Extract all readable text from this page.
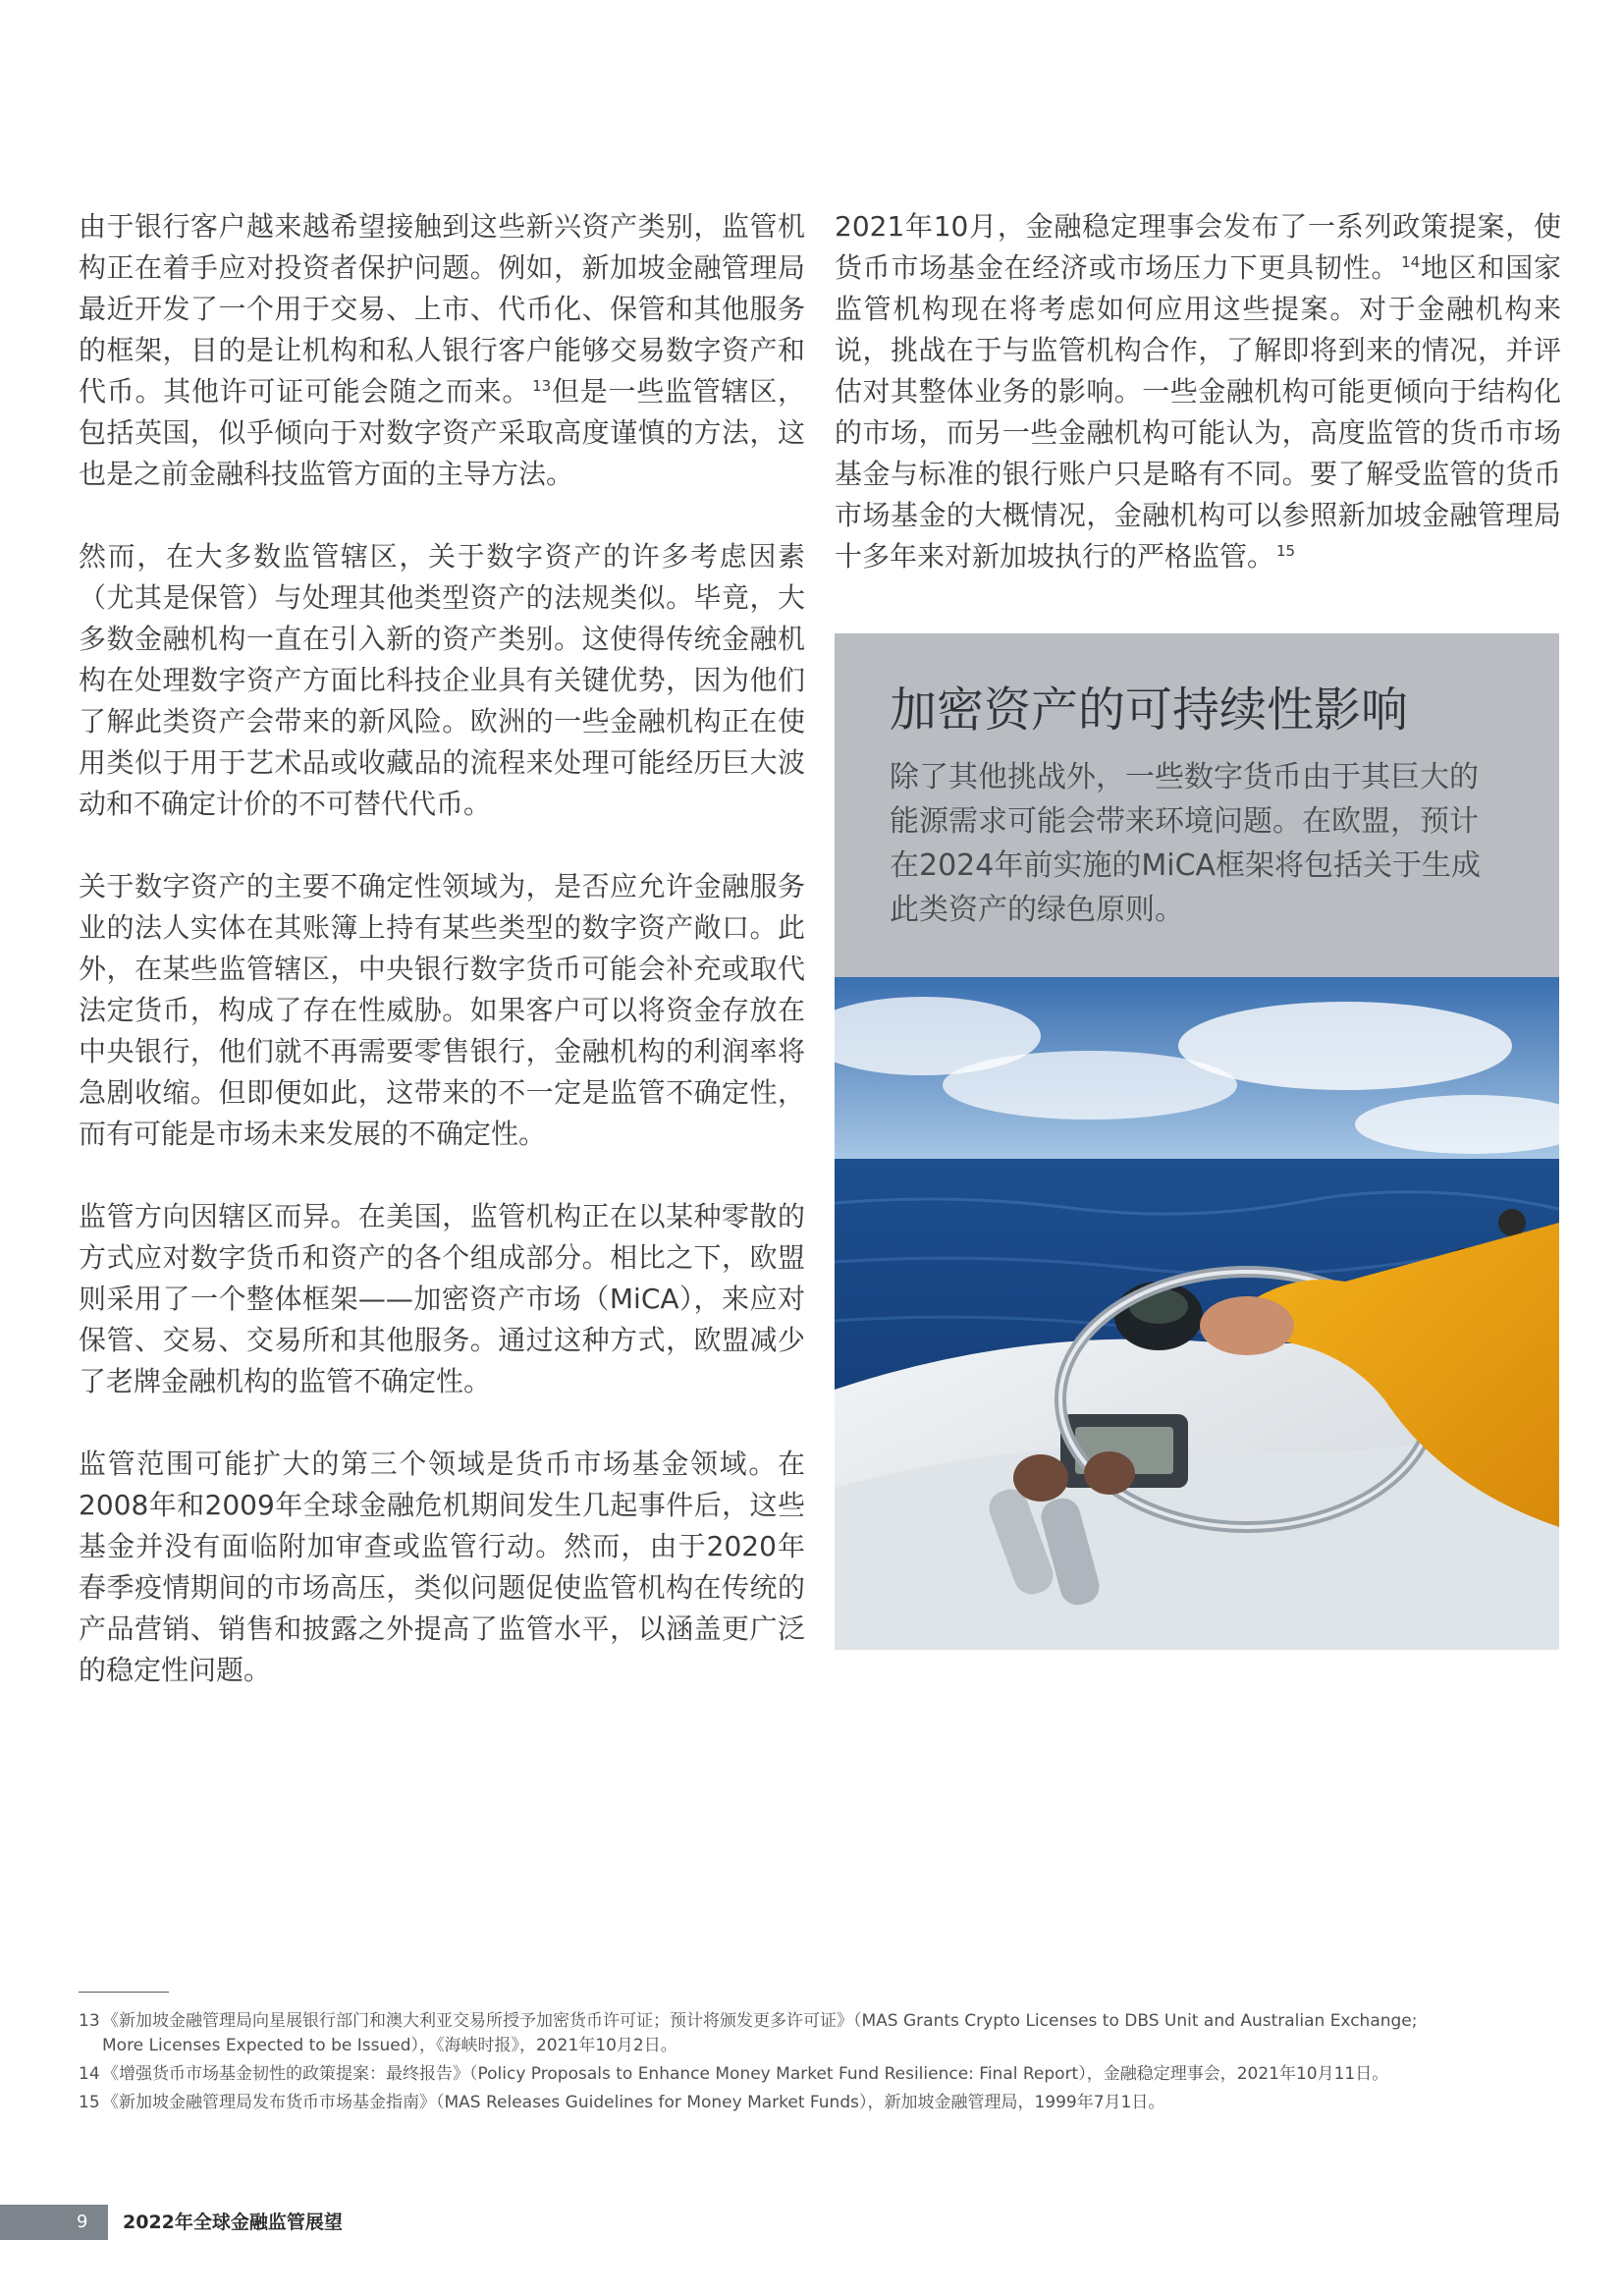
由于银行客户越来越希望接触到这些新兴资产类别，监管机构正在着手应对投资者保护问题。例如，新加坡金融管理局最近开发了一个用于交易、上市、代币化、保管和其他服务的框架，目的是让机构和私人银行客户能够交易数字资产和代币。其他许可证可能会随之而来。 $^{13}$但是一些监管辖区，包括英国，似乎倾向于对数字资产采取高度谨慎的方法，这也是之前金融科技监管方面的主导方法。

然而，在大多数监管辖区，关于数字资产的许多考虑因素（尤其是保管）与处理其他类型资产的法规类似。毕竟，大多数金融机构一直在引入新的资产类别。这使得传统金融机构在处理数字资产方面比科技企业具有关键优势，因为他们了解此类资产会带来的新风险。欧洲的一些金融机构正在使用类似于用于艺术品或收藏品的流程来处理可能经历巨大波动和不确定计价的不可替代代币。

关于数字资产的主要不确定性领域为，是否应允许金融服务业的法人实体在其账簿上持有某些类型的数字资产敞口。此外，在某些监管辖区，中央银行数字货币可能会补充或取代法定货币，构成了存在性威胁。如果客户可以将资金存放在中央银行，他们就不再需要零售银行，金融机构的利润率将急剧收缩。但即便如此，这带来的不一定是监管不确定性，而有可能是市场未来发展的不确定性。

监管方向因辖区而异。在美国，监管机构正在以某种零散的方式应对数字货币和资产的各个组成部分。相比之下，欧盟则采用了一个整体框架——加密资产市场（MiCA），来应对保管、交易、交易所和其他服务。通过这种方式，欧盟减少了老牌金融机构的监管不确定性。

监管范围可能扩大的第三个领域是货币市场基金领域。在2008年和2009年全球金融危机期间发生几起事件后，这些基金并没有面临附加审查或监管行动。然而，由于2020年春季疫情期间的市场高压，类似问题促使监管机构在传统的产品营销、销售和披露之外提高了监管水平，以涵盖更广泛的稳定性问题。

2021年10月，金融稳定理事会发布了一系列政策提案，使货币市场基金在经济或市场压力下更具韧性。 $^{14}$地区和国家监管机构现在将考虑如何应用这些提案。对于金融机构来说，挑战在于与监管机构合作，了解即将到来的情况，并评估对其整体业务的影响。一些金融机构可能更倾向于结构化的市场，而另一些金融机构可能认为，高度监管的货币市场基金与标准的银行账户只是略有不同。要了解受监管的货币市场基金的大概情况，金融机构可以参照新加坡金融管理局十多年来对新加坡执行的严格监管。 $^{15}$

加密资产的可持续性影响
除了其他挑战外，一些数字货币由于其巨大的能源需求可能会带来环境问题。在欧盟，预计在2024年前实施的MiCA框架将包括关于生成此类资产的绿色原则。
13 《新加坡金融管理局向星展银行部门和澳大利亚交易所授予加密货币许可证；预计将颁发更多许可证》（MAS Grants Crypto Licenses to DBS Unit and Australian Exchange;
More Licenses Expected to be Issued），《海峡时报》，2021年10月2日。
14 《增强货币市场基金韧性的政策提案：最终报告》（Policy Proposals to Enhance Money Market Fund Resilience: Final Report），金融稳定理事会，2021年10月11日。
15 《新加坡金融管理局发布货币市场基金指南》（MAS Releases Guidelines for Money Market Funds），新加坡金融管理局，1999年7月1日。
9 2022年全球金融监管展望
